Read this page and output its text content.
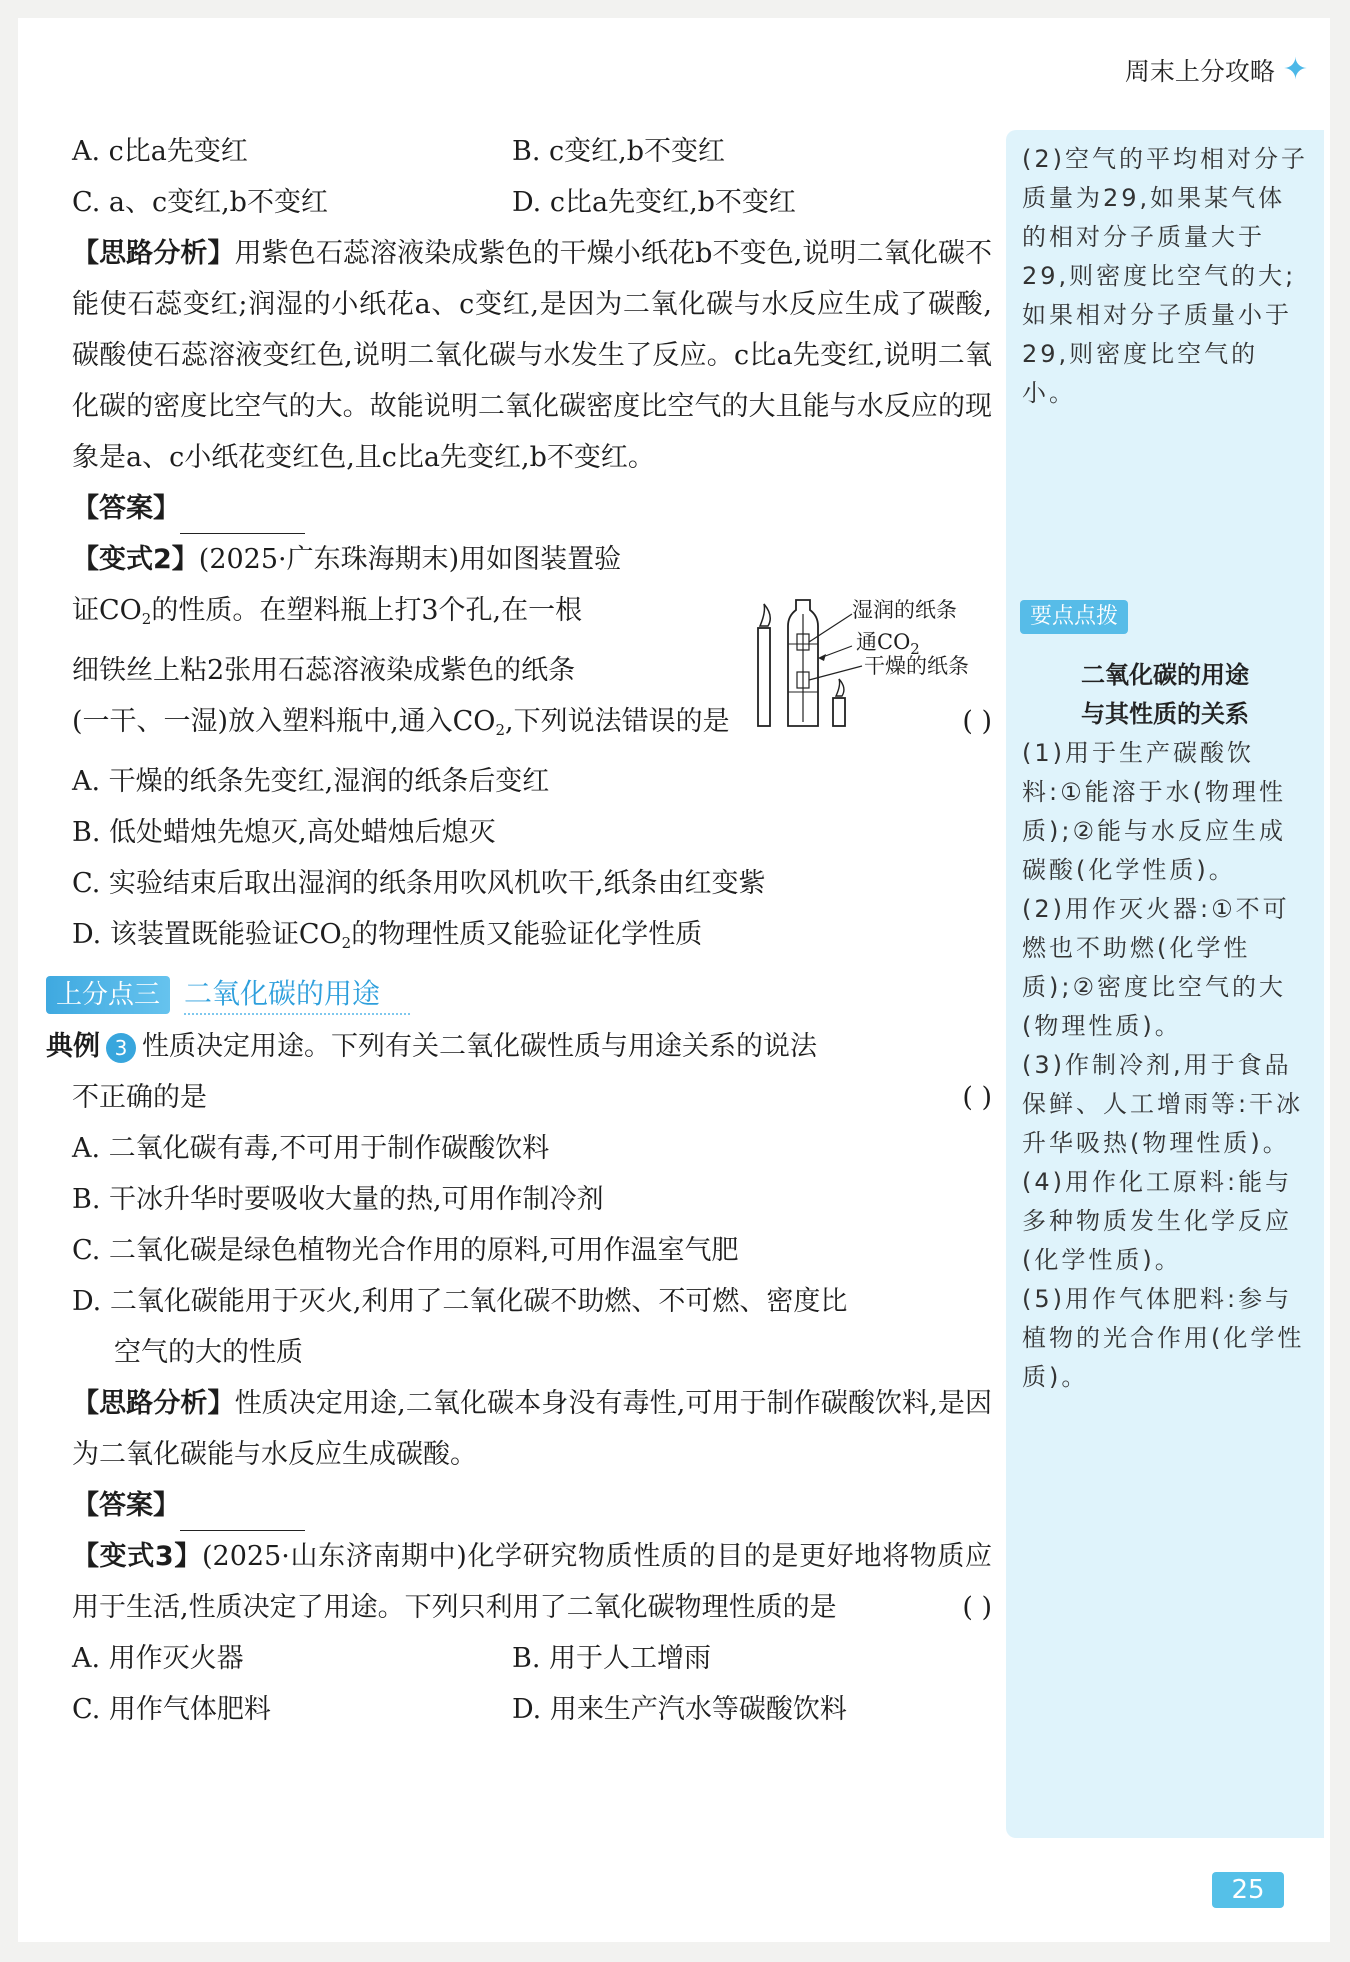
周末上分攻略 ✦
A. c比a先变红	B. c变红,b不变红
C. a、c变红,b不变红	D. c比a先变红,b不变红
【思路分析】用紫色石蕊溶液染成紫色的干燥小纸花b不变色,说明二氧化碳不能使石蕊变红;润湿的小纸花a、c变红,是因为二氧化碳与水反应生成了碳酸,碳酸使石蕊溶液变红色,说明二氧化碳与水发生了反应。c比a先变红,说明二氧化碳的密度比空气的大。故能说明二氧化碳密度比空气的大且能与水反应的现象是a、c小纸花变红色,且c比a先变红,b不变红。
【答案】
【变式2】(2025·广东珠海期末)用如图装置验
证$CO_2$的性质。在塑料瓶上打3个孔,在一根
细铁丝上粘2张用石蕊溶液染成紫色的纸条
(一干、一湿)放入塑料瓶中,通入$CO_2$,下列说法错误的是	( )
A. 干燥的纸条先变红,湿润的纸条后变红
B. 低处蜡烛先熄灭,高处蜡烛后熄灭
C. 实验结束后取出湿润的纸条用吹风机吹干,纸条由红变紫
D. 该装置既能验证$CO_2$的物理性质又能验证化学性质
上分点三 二氧化碳的用途
典例 3 性质决定用途。下列有关二氧化碳性质与用途关系的说法
不正确的是	( )
A. 二氧化碳有毒,不可用于制作碳酸饮料
B. 干冰升华时要吸收大量的热,可用作制冷剂
C. 二氧化碳是绿色植物光合作用的原料,可用作温室气肥
D. 二氧化碳能用于灭火,利用了二氧化碳不助燃、不可燃、密度比
空气的大的性质
【思路分析】性质决定用途,二氧化碳本身没有毒性,可用于制作碳酸饮料,是因为二氧化碳能与水反应生成碳酸。
【答案】
【变式3】(2025·山东济南期中)化学研究物质性质的目的是更好地将物质应用于生活,性质决定了用途。下列只利用了二氧化碳物理性质的是	( )
A. 用作灭火器	B. 用于人工增雨
C. 用作气体肥料	D. 用来生产汽水等碳酸饮料
湿润的纸条
通$CO_2$
干燥的纸条
(2)空气的平均相对分子质量为29,如果某气体的相对分子质量大于29,则密度比空气的大;如果相对分子质量小于29,则密度比空气的小。
要点点拨
二氧化碳的用途
与其性质的关系
(1)用于生产碳酸饮料:①能溶于水(物理性质);②能与水反应生成碳酸(化学性质)。
(2)用作灭火器:①不可燃也不助燃(化学性质);②密度比空气的大(物理性质)。
(3)作制冷剂,用于食品保鲜、人工增雨等:干冰升华吸热(物理性质)。
(4)用作化工原料:能与多种物质发生化学反应(化学性质)。
(5)用作气体肥料:参与植物的光合作用(化学性质)。
25
